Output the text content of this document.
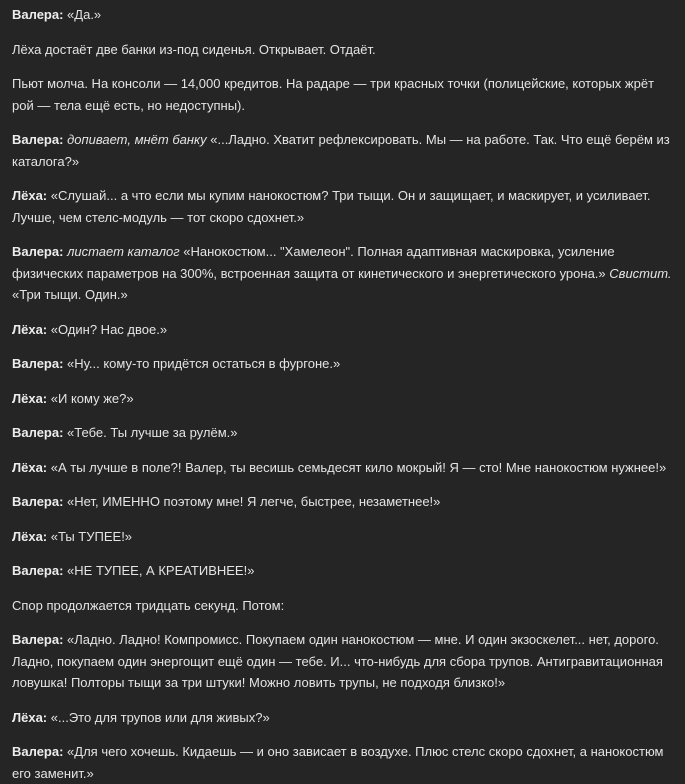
Валера: «Да.»

Лёха достаёт две банки из-под сиденья. Открывает. Отдаёт.

Пьют молча. На консоли — 14,000 кредитов. На радаре — три красных точки (полицейские, которых жрёт рой — тела ещё есть, но недоступны).

Валера: допивает, мнёт банку «...Ладно. Хватит рефлексировать. Мы — на работе. Так. Что ещё берём из каталога?»

Лёха: «Слушай... а что если мы купим нанокостюм? Три тыщи. Он и защищает, и маскирует, и усиливает. Лучше, чем стелс-модуль — тот скоро сдохнет.»

Валера: листает каталог «Нанокостюм... "Хамелеон". Полная адаптивная маскировка, усиление физических параметров на 300%, встроенная защита от кинетического и энергетического урона.» Свистит. «Три тыщи. Один.»

Лёха: «Один? Нас двое.»

Валера: «Ну... кому-то придётся остаться в фургоне.»

Лёха: «И кому же?»

Валера: «Тебе. Ты лучше за рулём.»

Лёха: «А ты лучше в поле?! Валер, ты весишь семьдесят кило мокрый! Я — сто! Мне нанокостюм нужнее!»

Валера: «Нет, ИМЕННО поэтому мне! Я легче, быстрее, незаметнее!»

Лёха: «Ты ТУПЕЕ!»

Валера: «НЕ ТУПЕЕ, А КРЕАТИВНЕЕ!»

Спор продолжается тридцать секунд. Потом:

Валера: «Ладно. Ладно! Компромисс. Покупаем один нанокостюм — мне. И один экзоскелет... нет, дорого. Ладно, покупаем один энергощит ещё один — тебе. И... что-нибудь для сбора трупов. Антигравитационная ловушка! Полторы тыщи за три штуки! Можно ловить трупы, не подходя близко!»

Лёха: «...Это для трупов или для живых?»

Валера: «Для чего хочешь. Кидаешь — и оно зависает в воздухе. Плюс стелс скоро сдохнет, а нанокостюм его заменит.»
